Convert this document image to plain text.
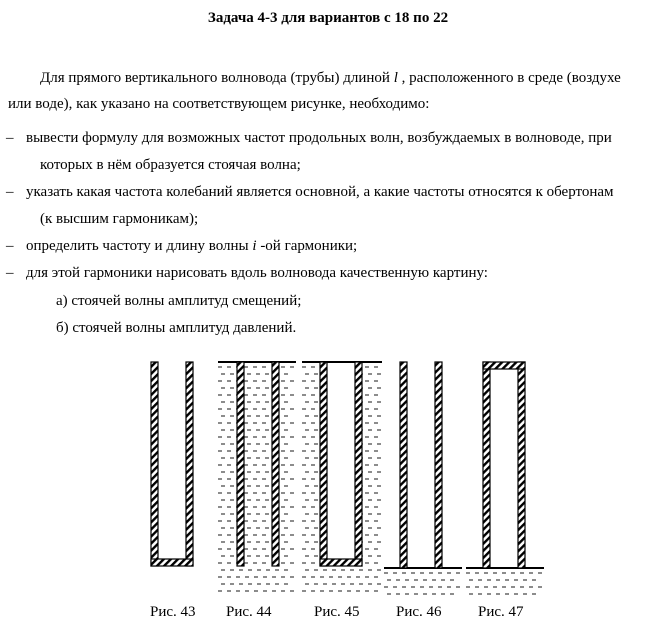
Задача 4-3 для вариантов с 18 по 22
Для прямого вертикального волновода (трубы) длиной l , расположенного в среде (воздухе
или воде), как указано на соответствующем рисунке, необходимо:
– вывести формулу для возможных частот продольных волн, возбуждаемых в волноводе, при
которых в нём образуется стоячая волна;
– указать какая частота колебаний является основной, а какие частоты относятся к обертонам
(к высшим гармоникам);
– определить частоту и длину волны i -ой гармоники;
– для этой гармоники нарисовать вдоль волновода качественную картину:
а) стоячей волны амплитуд смещений;
б) стоячей волны амплитуд давлений.
Рис. 43 Рис. 44	Рис. 45 Рис. 46 Рис. 47
